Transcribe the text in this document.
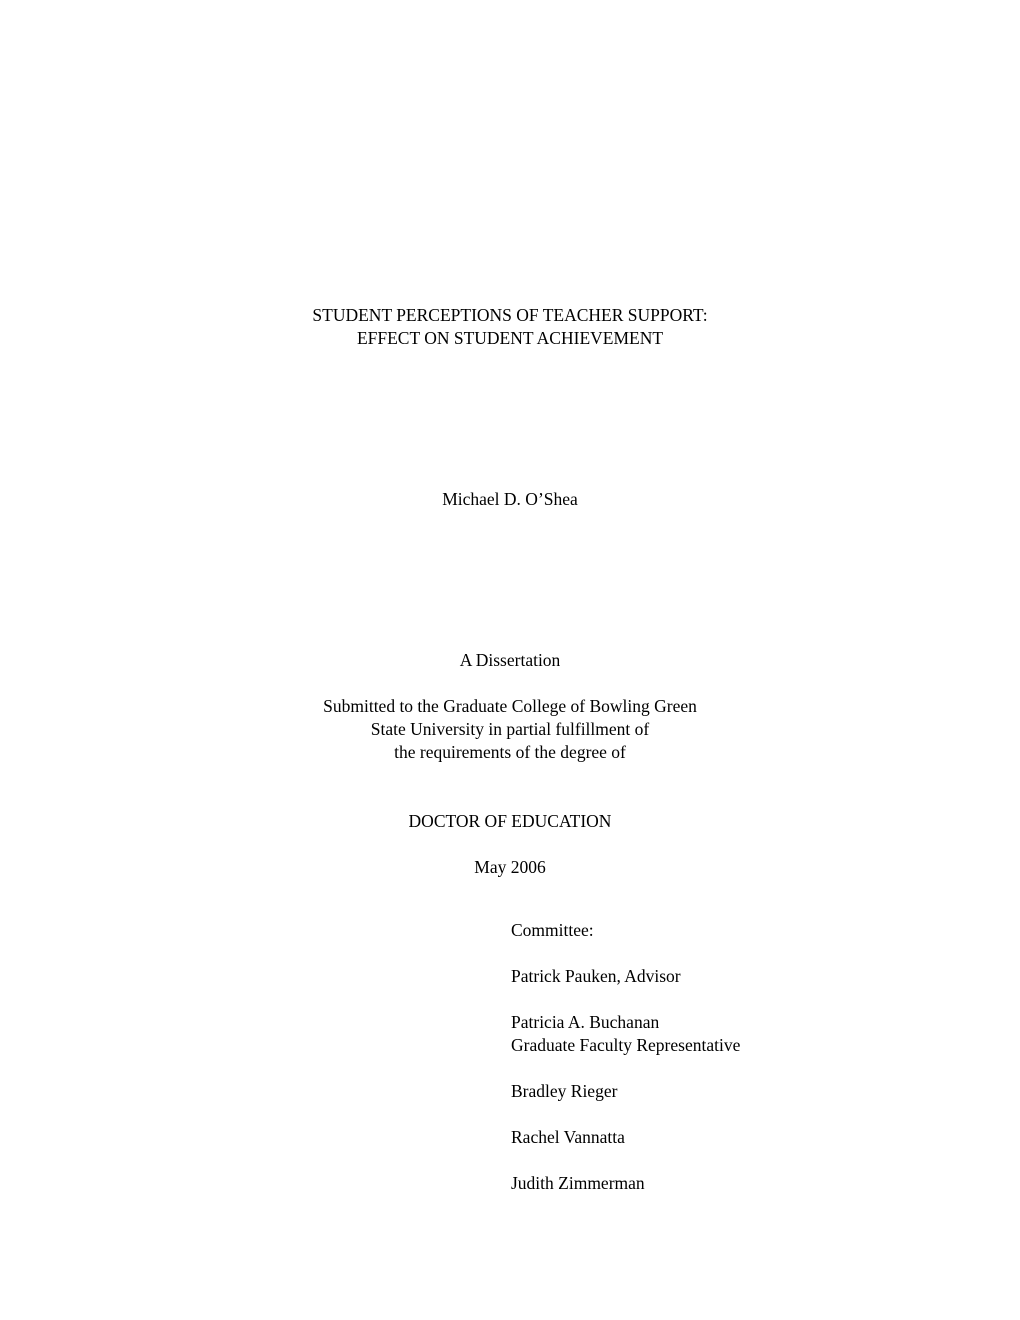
STUDENT PERCEPTIONS OF TEACHER SUPPORT:
EFFECT ON STUDENT ACHIEVEMENT
Michael D. O’Shea
A Dissertation
Submitted to the Graduate College of Bowling Green
State University in partial fulfillment of
the requirements of the degree of
DOCTOR OF EDUCATION
May 2006
Committee:
Patrick Pauken, Advisor
Patricia A. Buchanan
Graduate Faculty Representative
Bradley Rieger
Rachel Vannatta
Judith Zimmerman
